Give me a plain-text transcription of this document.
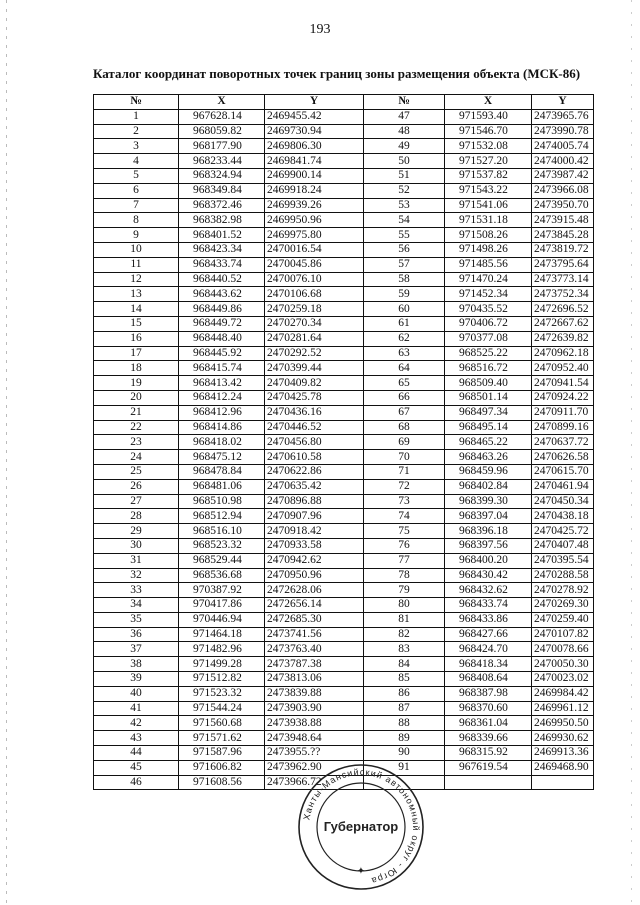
193
Каталог координат поворотных точек границ зоны размещения объекта (МСК-86)
№	X	Y	№	X	Y
1	967628.14	2469455.42	47	971593.40	2473965.76
2	968059.82	2469730.94	48	971546.70	2473990.78
3	968177.90	2469806.30	49	971532.08	2474005.74
4	968233.44	2469841.74	50	971527.20	2474000.42
5	968324.94	2469900.14	51	971537.82	2473987.42
6	968349.84	2469918.24	52	971543.22	2473966.08
7	968372.46	2469939.26	53	971541.06	2473950.70
8	968382.98	2469950.96	54	971531.18	2473915.48
9	968401.52	2469975.80	55	971508.26	2473845.28
10	968423.34	2470016.54	56	971498.26	2473819.72
11	968433.74	2470045.86	57	971485.56	2473795.64
12	968440.52	2470076.10	58	971470.24	2473773.14
13	968443.62	2470106.68	59	971452.34	2473752.34
14	968449.86	2470259.18	60	970435.52	2472696.52
15	968449.72	2470270.34	61	970406.72	2472667.62
16	968448.40	2470281.64	62	970377.08	2472639.82
17	968445.92	2470292.52	63	968525.22	2470962.18
18	968415.74	2470399.44	64	968516.72	2470952.40
19	968413.42	2470409.82	65	968509.40	2470941.54
20	968412.24	2470425.78	66	968501.14	2470924.22
21	968412.96	2470436.16	67	968497.34	2470911.70
22	968414.86	2470446.52	68	968495.14	2470899.16
23	968418.02	2470456.80	69	968465.22	2470637.72
24	968475.12	2470610.58	70	968463.26	2470626.58
25	968478.84	2470622.86	71	968459.96	2470615.70
26	968481.06	2470635.42	72	968402.84	2470461.94
27	968510.98	2470896.88	73	968399.30	2470450.34
28	968512.94	2470907.96	74	968397.04	2470438.18
29	968516.10	2470918.42	75	968396.18	2470425.72
30	968523.32	2470933.58	76	968397.56	2470407.48
31	968529.44	2470942.62	77	968400.20	2470395.54
32	968536.68	2470950.96	78	968430.42	2470288.58
33	970387.92	2472628.06	79	968432.62	2470278.92
34	970417.86	2472656.14	80	968433.74	2470269.30
35	970446.94	2472685.30	81	968433.86	2470259.40
36	971464.18	2473741.56	82	968427.66	2470107.82
37	971482.96	2473763.40	83	968424.70	2470078.66
38	971499.28	2473787.38	84	968418.34	2470050.30
39	971512.82	2473813.06	85	968408.64	2470023.02
40	971523.32	2473839.88	86	968387.98	2469984.42
41	971544.24	2473903.90	87	968370.60	2469961.12
42	971560.68	2473938.88	88	968361.04	2469950.50
43	971571.62	2473948.64	89	968339.66	2469930.62
44	971587.96	2473955.??	90	968315.92	2469913.36
45	971606.82	2473962.90	91	967619.54	2469468.90
46	971608.56	2473966.72			
Ханты-Мансийский автономный округ - Югра
Губернатор
✦
